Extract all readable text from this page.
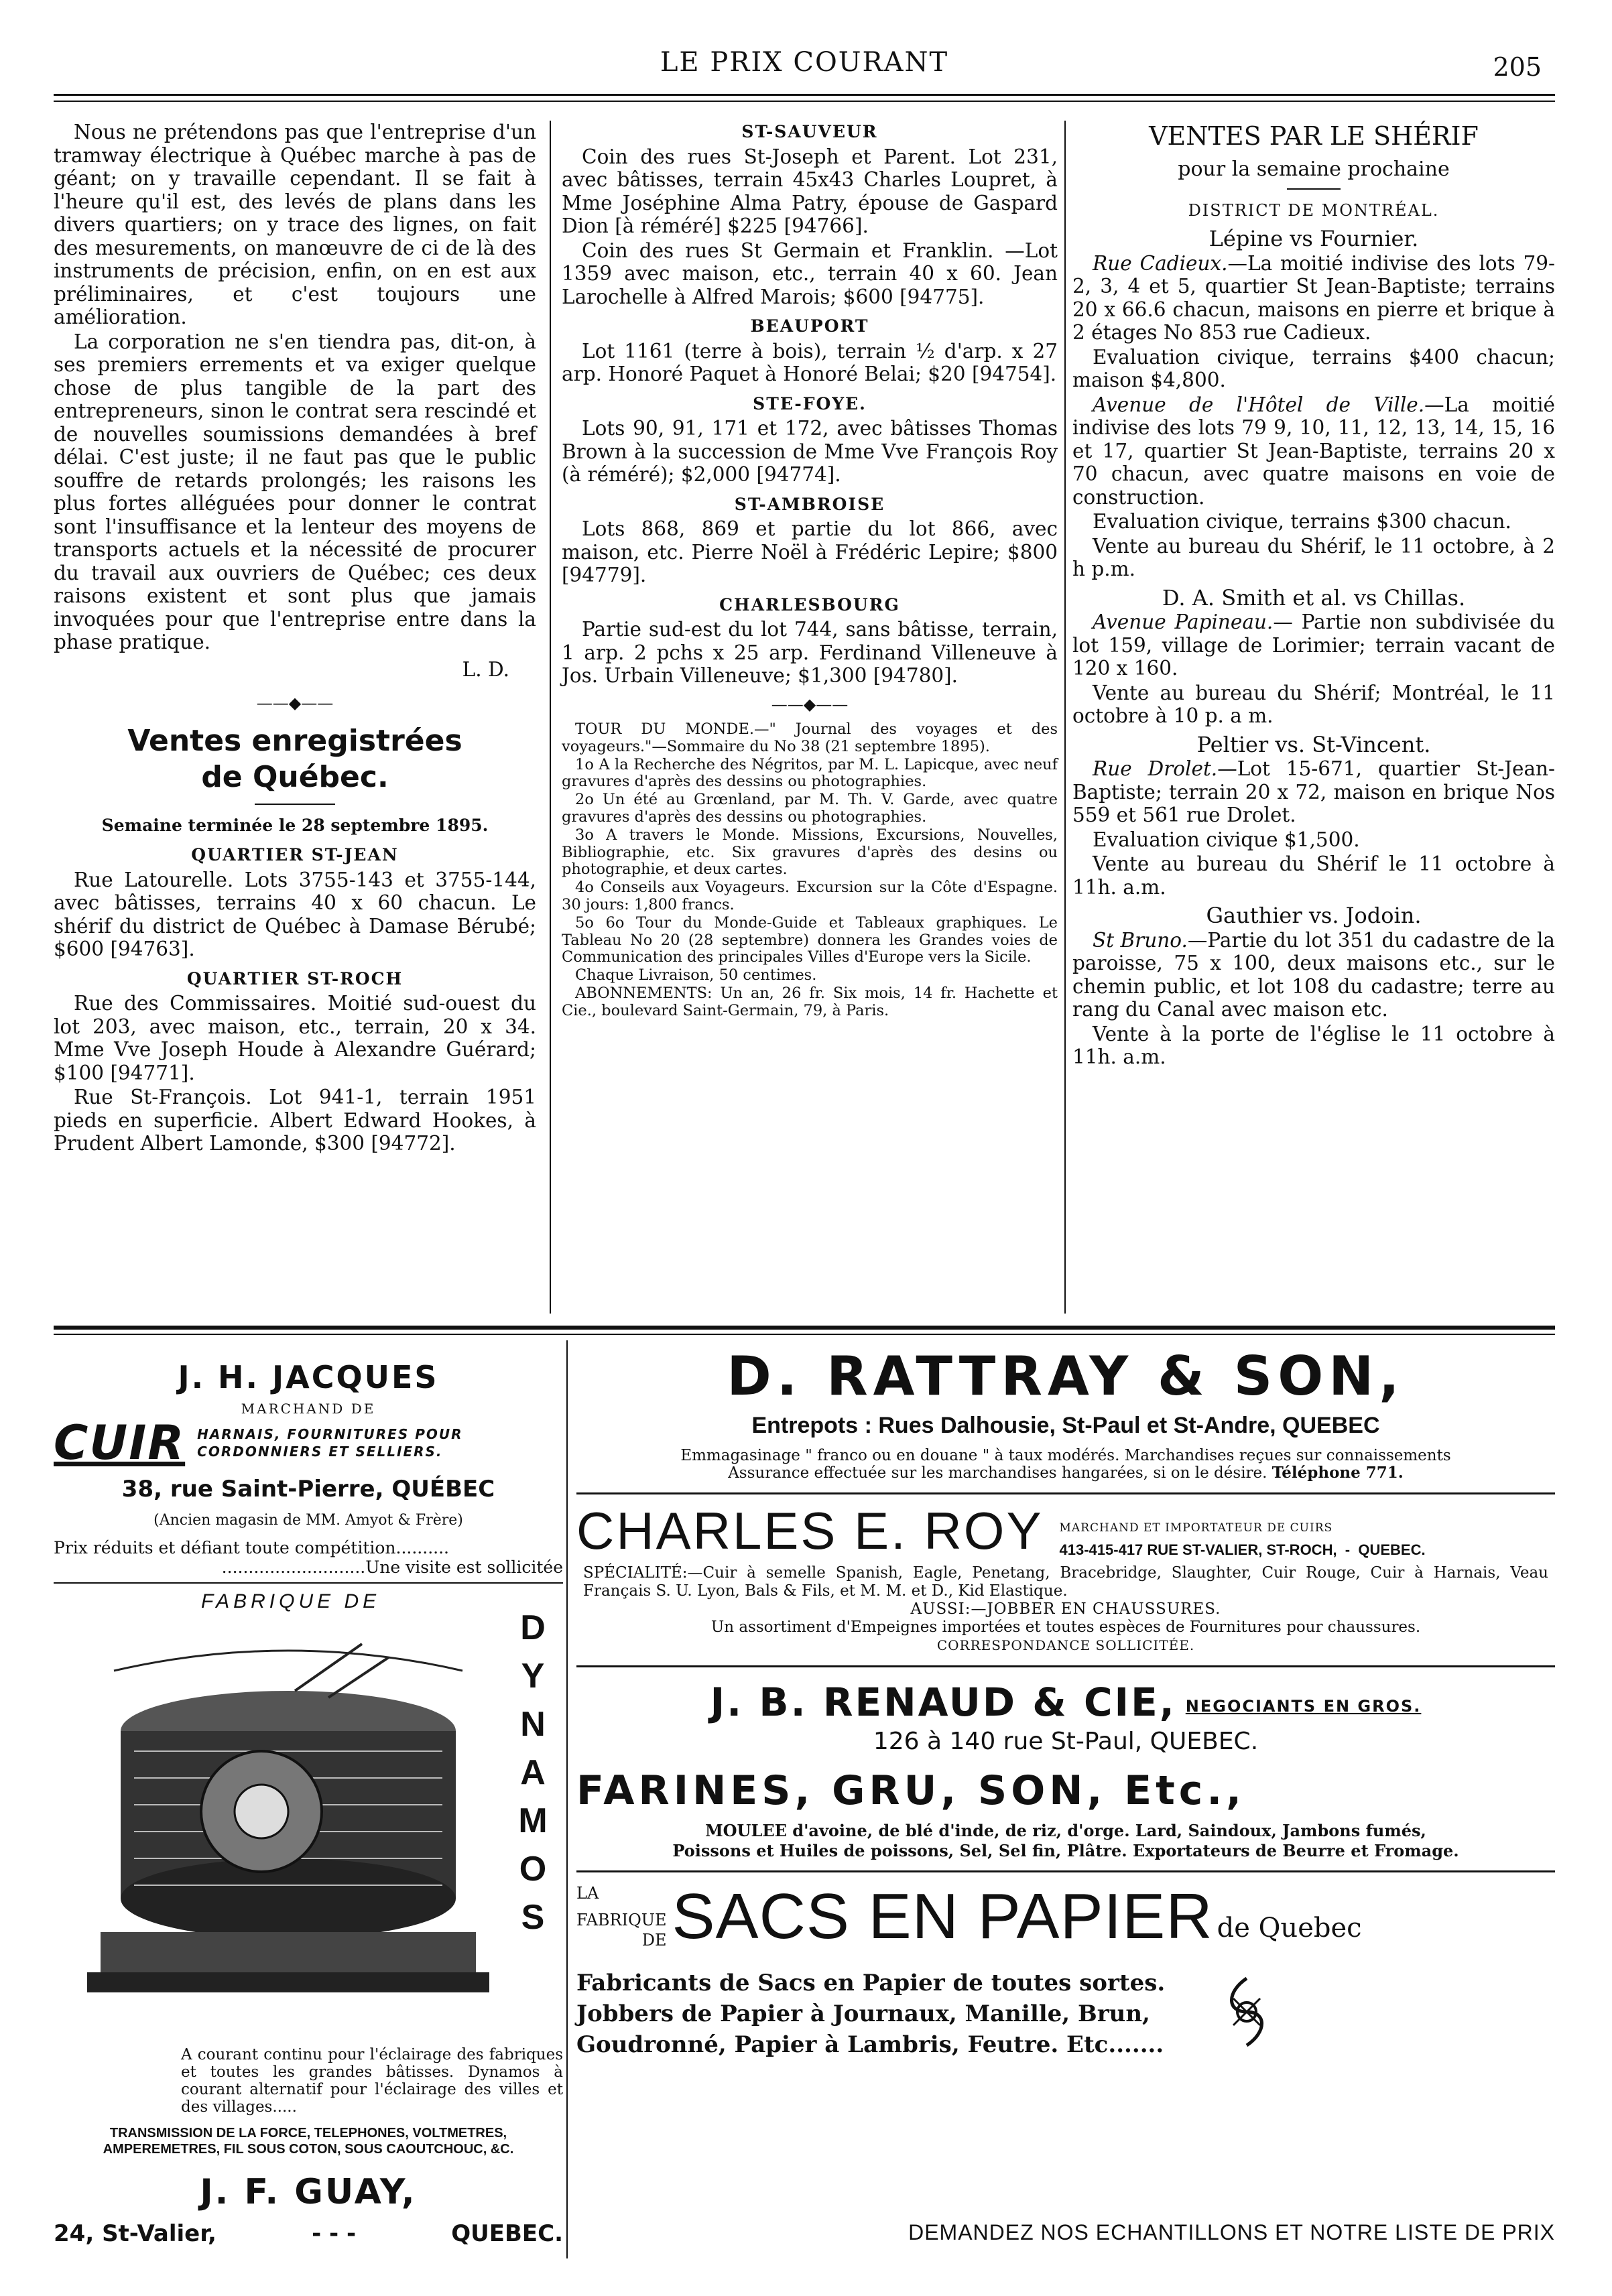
LE PRIX COURANT	205

Nous ne prétendons pas que l'entreprise d'un tramway électrique à Québec marche à pas de géant; on y travaille cependant. Il se fait à l'heure qu'il est, des levés de plans dans les divers quartiers; on y trace des lignes, on fait des mesurements, on manœuvre de ci de là des instruments de précision, enfin, on en est aux préliminaires, et c'est toujours une amélioration.

La corporation ne s'en tiendra pas, dit-on, à ses premiers errements et va exiger quelque chose de plus tangible de la part des entrepreneurs, sinon le contrat sera rescindé et de nouvelles soumissions demandées à bref délai. C'est juste; il ne faut pas que le public souffre de retards prolongés; les raisons les plus fortes alléguées pour donner le contrat sont l'insuffisance et la lenteur des moyens de transports actuels et la nécessité de procurer du travail aux ouvriers de Québec; ces deux raisons existent et sont plus que jamais invoquées pour que l'entreprise entre dans la phase pratique.

L. D.

——◆——

Ventes enregistrées
de Québec.

Semaine terminée le 28 septembre 1895.

QUARTIER ST-JEAN

Rue Latourelle. Lots 3755-143 et 3755-144, avec bâtisses, terrains 40 x 60 chacun. Le shérif du district de Québec à Damase Bérubé; $600 [94763].

QUARTIER ST-ROCH

Rue des Commissaires. Moitié sud-ouest du lot 203, avec maison, etc., terrain, 20 x 34. Mme Vve Joseph Houde à Alexandre Guérard; $100 [94771].

Rue St-François. Lot 941-1, terrain 1951 pieds en superficie. Albert Edward Hookes, à Prudent Albert Lamonde, $300 [94772].

ST-SAUVEUR

Coin des rues St-Joseph et Parent. Lot 231, avec bâtisses, terrain 45x43 Charles Loupret, à Mme Joséphine Alma Patry, épouse de Gaspard Dion [à réméré] $225 [94766].

Coin des rues St Germain et Franklin. —Lot 1359 avec maison, etc., terrain 40 x 60. Jean Larochelle à Alfred Marois; $600 [94775].

BEAUPORT

Lot 1161 (terre à bois), terrain ½ d'arp. x 27 arp. Honoré Paquet à Honoré Belai; $20 [94754].

STE-FOYE.

Lots 90, 91, 171 et 172, avec bâtisses Thomas Brown à la succession de Mme Vve François Roy (à réméré); $2,000 [94774].

ST-AMBROISE

Lots 868, 869 et partie du lot 866, avec maison, etc. Pierre Noël à Frédéric Lepire; $800 [94779].

CHARLESBOURG

Partie sud-est du lot 744, sans bâtisse, terrain, 1 arp. 2 pchs x 25 arp. Ferdinand Villeneuve à Jos. Urbain Villeneuve; $1,300 [94780].

——◆——

TOUR DU MONDE.—" Journal des voyages et des voyageurs."—Sommaire du No 38 (21 septembre 1895).

1o A la Recherche des Négritos, par M. L. Lapicque, avec neuf gravures d'après des dessins ou photographies.

2o Un été au Grœnland, par M. Th. V. Garde, avec quatre gravures d'après des dessins ou photographies.

3o A travers le Monde. Missions, Excursions, Nouvelles, Bibliographie, etc. Six gravures d'après des desins ou photographie, et deux cartes.

4o Conseils aux Voyageurs. Excursion sur la Côte d'Espagne. 30 jours: 1,800 francs.

5o 6o Tour du Monde-Guide et Tableaux graphiques. Le Tableau No 20 (28 septembre) donnera les Grandes voies de Communication des principales Villes d'Europe vers la Sicile.

Chaque Livraison, 50 centimes.

ABONNEMENTS: Un an, 26 fr. Six mois, 14 fr. Hachette et Cie., boulevard Saint-Germain, 79, à Paris.

VENTES PAR LE SHÉRIF

pour la semaine prochaine

DISTRICT DE MONTRÉAL.

Lépine vs Fournier.

Rue Cadieux.—La moitié indivise des lots 79-2, 3, 4 et 5, quartier St Jean-Baptiste; terrains 20 x 66.6 chacun, maisons en pierre et brique à 2 étages No 853 rue Cadieux.

Evaluation civique, terrains $400 chacun; maison $4,800.

Avenue de l'Hôtel de Ville.—La moitié indivise des lots 79 9, 10, 11, 12, 13, 14, 15, 16 et 17, quartier St Jean-Baptiste, terrains 20 x 70 chacun, avec quatre maisons en voie de construction.

Evaluation civique, terrains $300 chacun.

Vente au bureau du Shérif, le 11 octobre, à 2 h p.m.

D. A. Smith et al. vs Chillas.

Avenue Papineau.— Partie non subdivisée du lot 159, village de Lorimier; terrain vacant de 120 x 160.

Vente au bureau du Shérif; Montréal, le 11 octobre à 10 p. a m.

Peltier vs. St-Vincent.

Rue Drolet.—Lot 15-671, quartier St-Jean-Baptiste; terrain 20 x 72, maison en brique Nos 559 et 561 rue Drolet.

Evaluation civique $1,500.

Vente au bureau du Shérif le 11 octobre à 11h. a.m.

Gauthier vs. Jodoin.

St Bruno.—Partie du lot 351 du cadastre de la paroisse, 75 x 100, deux maisons etc., sur le chemin public, et lot 108 du cadastre; terre au rang du Canal avec maison etc.

Vente à la porte de l'église le 11 octobre à 11h. a.m.

J. H. JACQUES
MARCHAND DE
CUIR HARNAIS, FOURNITURES POUR CORDONNIERS ET SELLIERS.
38, rue Saint-Pierre, QUÉBEC
(Ancien magasin de MM. Amyot & Frère)
Prix réduits et défiant toute compétition..........
...........................Une visite est sollicitée
FABRIQUE DE
DYNAMOS
A courant continu pour l'éclairage des fabriques et toutes les grandes bâtisses. Dynamos à courant alternatif pour l'éclairage des villes et des villages.....
TRANSMISSION DE LA FORCE, TELEPHONES, VOLTMETRES, AMPEREMETRES, FIL SOUS COTON, SOUS CAOUTCHOUC, &C.
J. F. GUAY,
24, St-Valier,	- - -	QUEBEC.
D. RATTRAY & SON,
Entrepots : Rues Dalhousie, St-Paul et St-Andre, QUEBEC
Emmagasinage " franco ou en douane " à taux modérés. Marchandises reçues sur connaissements
Assurance effectuée sur les marchandises hangarées, si on le désire. Téléphone 771.
CHARLES E. ROY MARCHAND ET IMPORTATEUR DE CUIRS
413-415-417 RUE ST-VALIER, ST-ROCH,  -  QUEBEC.
SPÉCIALITÉ:—Cuir à semelle Spanish, Eagle, Penetang, Bracebridge, Slaughter, Cuir Rouge, Cuir à Harnais, Veau Français S. U. Lyon, Bals & Fils, et M. M. et D., Kid Elastique.
AUSSI:—JOBBER EN CHAUSSURES.
Un assortiment d'Empeignes importées et toutes espèces de Fournitures pour chaussures.
CORRESPONDANCE SOLLICITÉE.
J. B. RENAUD & CIE, NEGOCIANTS EN GROS.
126 à 140 rue St-Paul, QUEBEC.
FARINES, GRU, SON, Etc.,
MOULEE d'avoine, de blé d'inde, de riz, d'orge. Lard, Saindoux, Jambons fumés,
Poissons et Huiles de poissons, Sel, Sel fin, Plâtre. Exportateurs de Beurre et Fromage.
LA
FABRIQUE
DE SACS EN PAPIER de Quebec
Fabricants de Sacs en Papier de toutes sortes.
Jobbers de Papier à Journaux, Manille, Brun,
Goudronné, Papier à Lambris, Feutre. Etc.......
DEMANDEZ NOS ECHANTILLONS ET NOTRE LISTE DE PRIX
